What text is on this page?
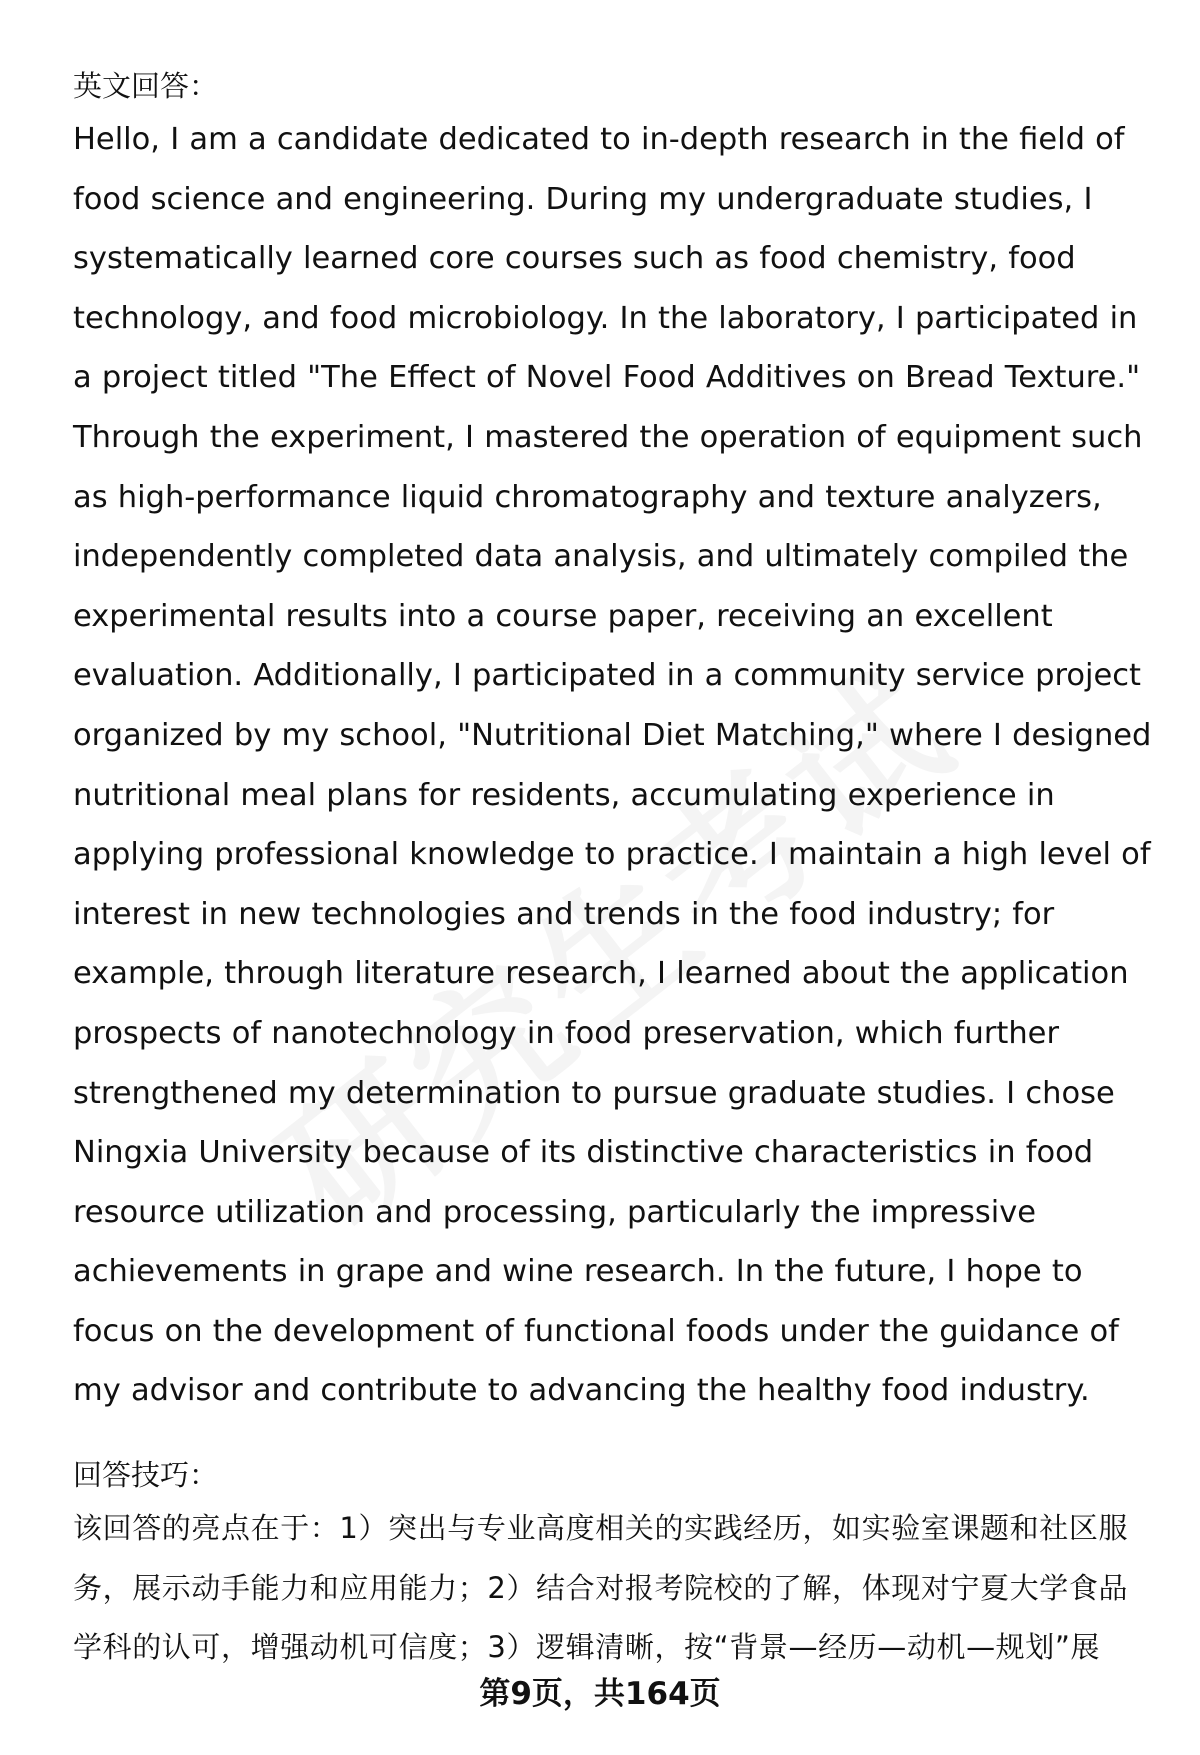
英文回答：

Hello, I am a candidate dedicated to in-depth research in the field of food science and engineering. During my undergraduate studies, I systematically learned core courses such as food chemistry, food technology, and food microbiology. In the laboratory, I participated in a project titled "The Effect of Novel Food Additives on Bread Texture." Through the experiment, I mastered the operation of equipment such as high-performance liquid chromatography and texture analyzers, independently completed data analysis, and ultimately compiled the experimental results into a course paper, receiving an excellent evaluation. Additionally, I participated in a community service project organized by my school, "Nutritional Diet Matching," where I designed nutritional meal plans for residents, accumulating experience in applying professional knowledge to practice. I maintain a high level of interest in new technologies and trends in the food industry; for example, through literature research, I learned about the application prospects of nanotechnology in food preservation, which further strengthened my determination to pursue graduate studies. I chose Ningxia University because of its distinctive characteristics in food resource utilization and processing, particularly the impressive achievements in grape and wine research. In the future, I hope to focus on the development of functional foods under the guidance of my advisor and contribute to advancing the healthy food industry.

回答技巧：

该回答的亮点在于：1）突出与专业高度相关的实践经历，如实验室课题和社区服务，展示动手能力和应用能力；2）结合对报考院校的了解，体现对宁夏大学食品学科的认可，增强动机可信度；3）逻辑清晰，按“背景—经历—动机—规划”展

第9页，共164页
